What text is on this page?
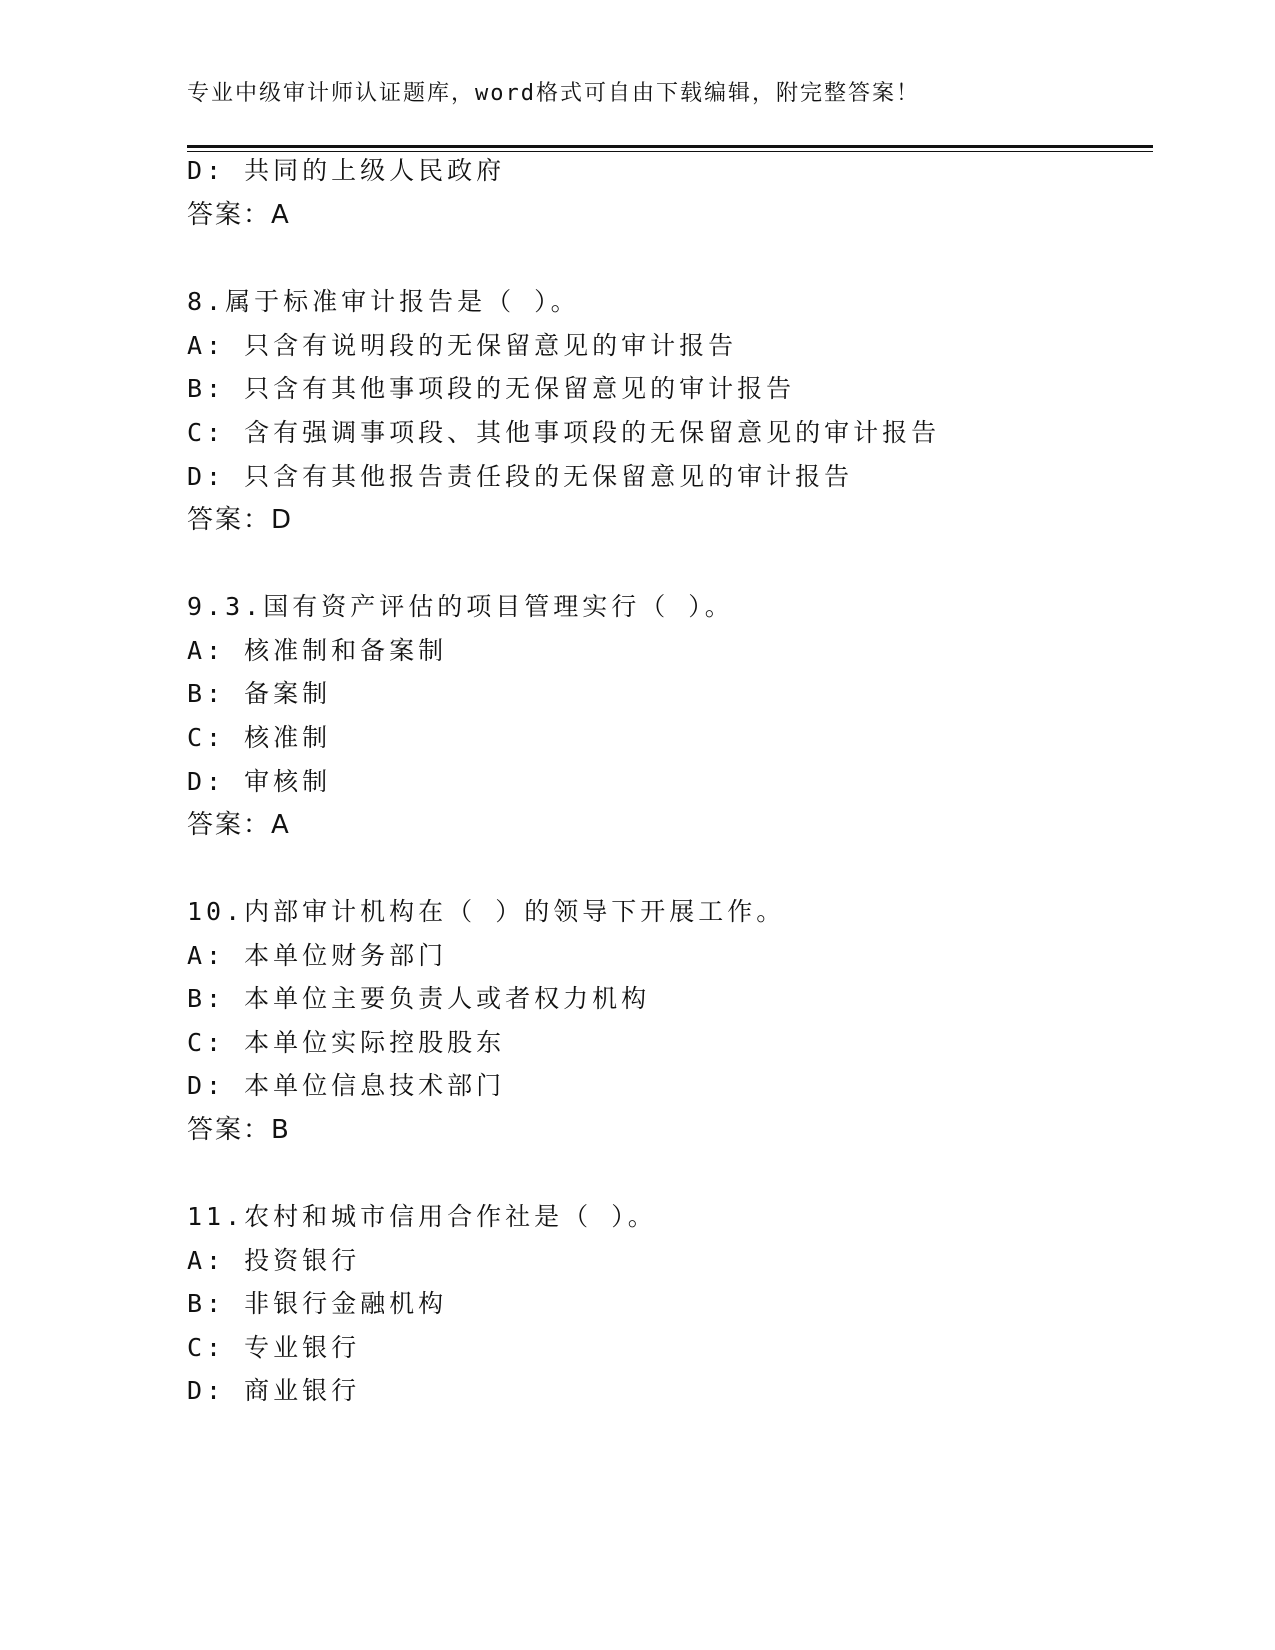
专业中级审计师认证题库，word格式可自由下载编辑，附完整答案！
D: 共同的上级人民政府
答案：A
8.属于标准审计报告是（ ）。
A: 只含有说明段的无保留意见的审计报告
B: 只含有其他事项段的无保留意见的审计报告
C: 含有强调事项段、其他事项段的无保留意见的审计报告
D: 只含有其他报告责任段的无保留意见的审计报告
答案：D
9.3.国有资产评估的项目管理实行（ ）。
A: 核准制和备案制
B: 备案制
C: 核准制
D: 审核制
答案：A
10.内部审计机构在（ ）的领导下开展工作。
A: 本单位财务部门
B: 本单位主要负责人或者权力机构
C: 本单位实际控股股东
D: 本单位信息技术部门
答案：B
11.农村和城市信用合作社是（ ）。
A: 投资银行
B: 非银行金融机构
C: 专业银行
D: 商业银行
